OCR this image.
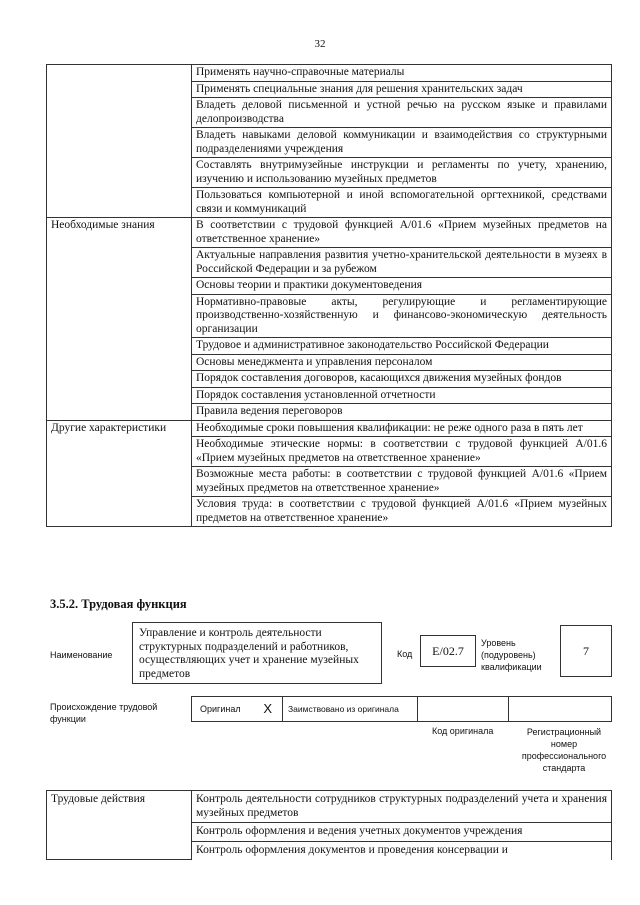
32
	Применять научно-справочные материалы
	Применять специальные знания для решения хранительских задач
	Владеть деловой письменной и устной речью на русском языке и правилами делопроизводства
	Владеть навыками деловой коммуникации и взаимодействия со структурными подразделениями учреждения
	Составлять внутримузейные инструкции и регламенты по учету, хранению, изучению и использованию музейных предметов
	Пользоваться компьютерной и иной вспомогательной оргтехникой, средствами связи и коммуникаций
Необходимые знания	В соответствии с трудовой функцией А/01.6 «Прием музейных предметов на ответственное хранение»
	Актуальные направления развития учетно-хранительской деятельности в музеях в Российской Федерации и за рубежом
	Основы теории и практики документоведения
	Нормативно-правовые акты, регулирующие и регламентирующие производственно-хозяйственную и финансово-экономическую деятельность организации
	Трудовое и административное законодательство Российской Федерации
	Основы менеджмента и управления персоналом
	Порядок составления договоров, касающихся движения музейных фондов
	Порядок составления установленной отчетности
	Правила ведения переговоров
Другие характеристики	Необходимые сроки повышения квалификации: не реже одного раза в пять лет
	Необходимые этические нормы: в соответствии с трудовой функцией А/01.6 «Прием музейных предметов на ответственное хранение»
	Возможные места работы: в соответствии с трудовой функцией А/01.6 «Прием музейных предметов на ответственное хранение»
	Условия труда: в соответствии с трудовой функцией А/01.6 «Прием музейных предметов на ответственное хранение»
3.5.2. Трудовая функция
Наименование
Управление и контроль деятельности структурных подразделений и работников, осуществляющих учет и хранение музейных предметов
Код	E/02.7
Уровень (подуровень) квалификации
7
Происхождение трудовой функции
Оригинал X Заимствовано из оригинала
Код оригинала	Регистрационный номер профессионального стандарта
Трудовые действия	Контроль деятельности сотрудников структурных подразделений учета и хранения музейных предметов
Контроль оформления и ведения учетных документов учреждения
Контроль оформления документов и проведения консервации и
